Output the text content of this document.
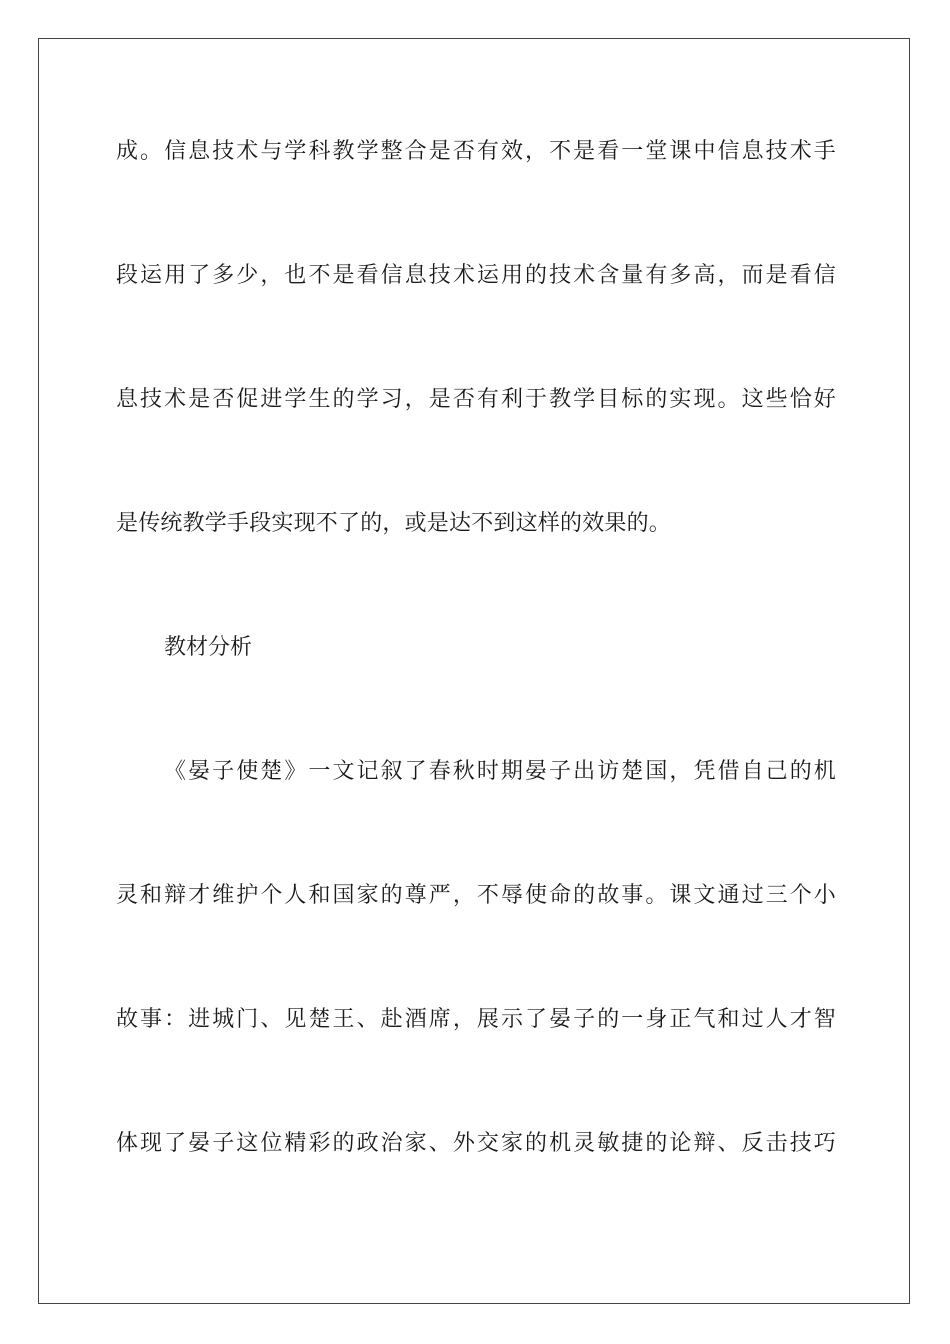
成。信息技术与学科教学整合是否有效，不是看一堂课中信息技术手
段运用了多少，也不是看信息技术运用的技术含量有多高，而是看信
息技术是否促进学生的学习，是否有利于教学目标的实现。这些恰好
是传统教学手段实现不了的，或是达不到这样的效果的。
教材分析
《晏子使楚》一文记叙了春秋时期晏子出访楚国，凭借自己的机
灵和辩才维护个人和国家的尊严，不辱使命的故事。课文通过三个小
故事：进城门、见楚王、赴酒席，展示了晏子的一身正气和过人才智
体现了晏子这位精彩的政治家、外交家的机灵敏捷的论辩、反击技巧
